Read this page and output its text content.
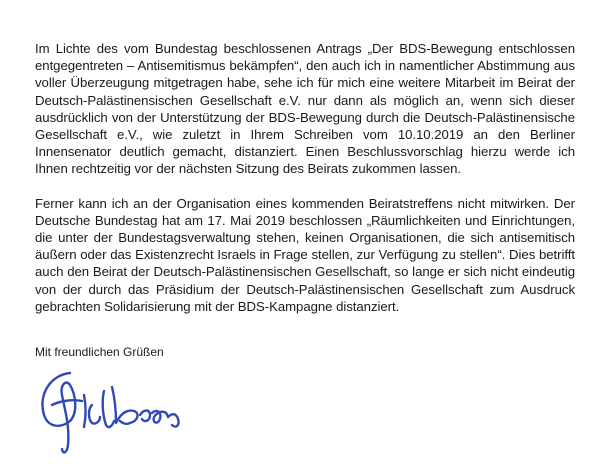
Im Lichte des vom Bundestag beschlossenen Antrags „Der BDS-Bewegung entschlossen entgegentreten – Antisemitismus bekämpfen“, den auch ich in namentlicher Abstimmung aus voller Überzeugung mitgetragen habe, sehe ich für mich eine weitere Mitarbeit im Beirat der Deutsch-Palästinensischen Gesellschaft e.V. nur dann als möglich an, wenn sich dieser ausdrücklich von der Unterstützung der BDS-Bewegung durch die Deutsch-Palästinensische Gesellschaft e.V., wie zuletzt in Ihrem Schreiben vom 10.10.2019 an den Berliner Innensenator deutlich gemacht, distanziert. Einen Beschlussvorschlag hierzu werde ich Ihnen rechtzeitig vor der nächsten Sitzung des Beirats zukommen lassen.

Ferner kann ich an der Organisation eines kommenden Beiratstreffens nicht mitwirken. Der Deutsche Bundestag hat am 17. Mai 2019 beschlossen „Räumlichkeiten und Einrichtungen, die unter der Bundestagsverwaltung stehen, keinen Organisationen, die sich antisemitisch äußern oder das Existenzrecht Israels in Frage stellen, zur Verfügung zu stellen“. Dies betrifft auch den Beirat der Deutsch-Palästinensischen Gesellschaft, so lange er sich nicht eindeutig von der durch das Präsidium der Deutsch-Palästinensischen Gesellschaft zum Ausdruck gebrachten Solidarisierung mit der BDS-Kampagne distanziert.

Mit freundlichen Grüßen
